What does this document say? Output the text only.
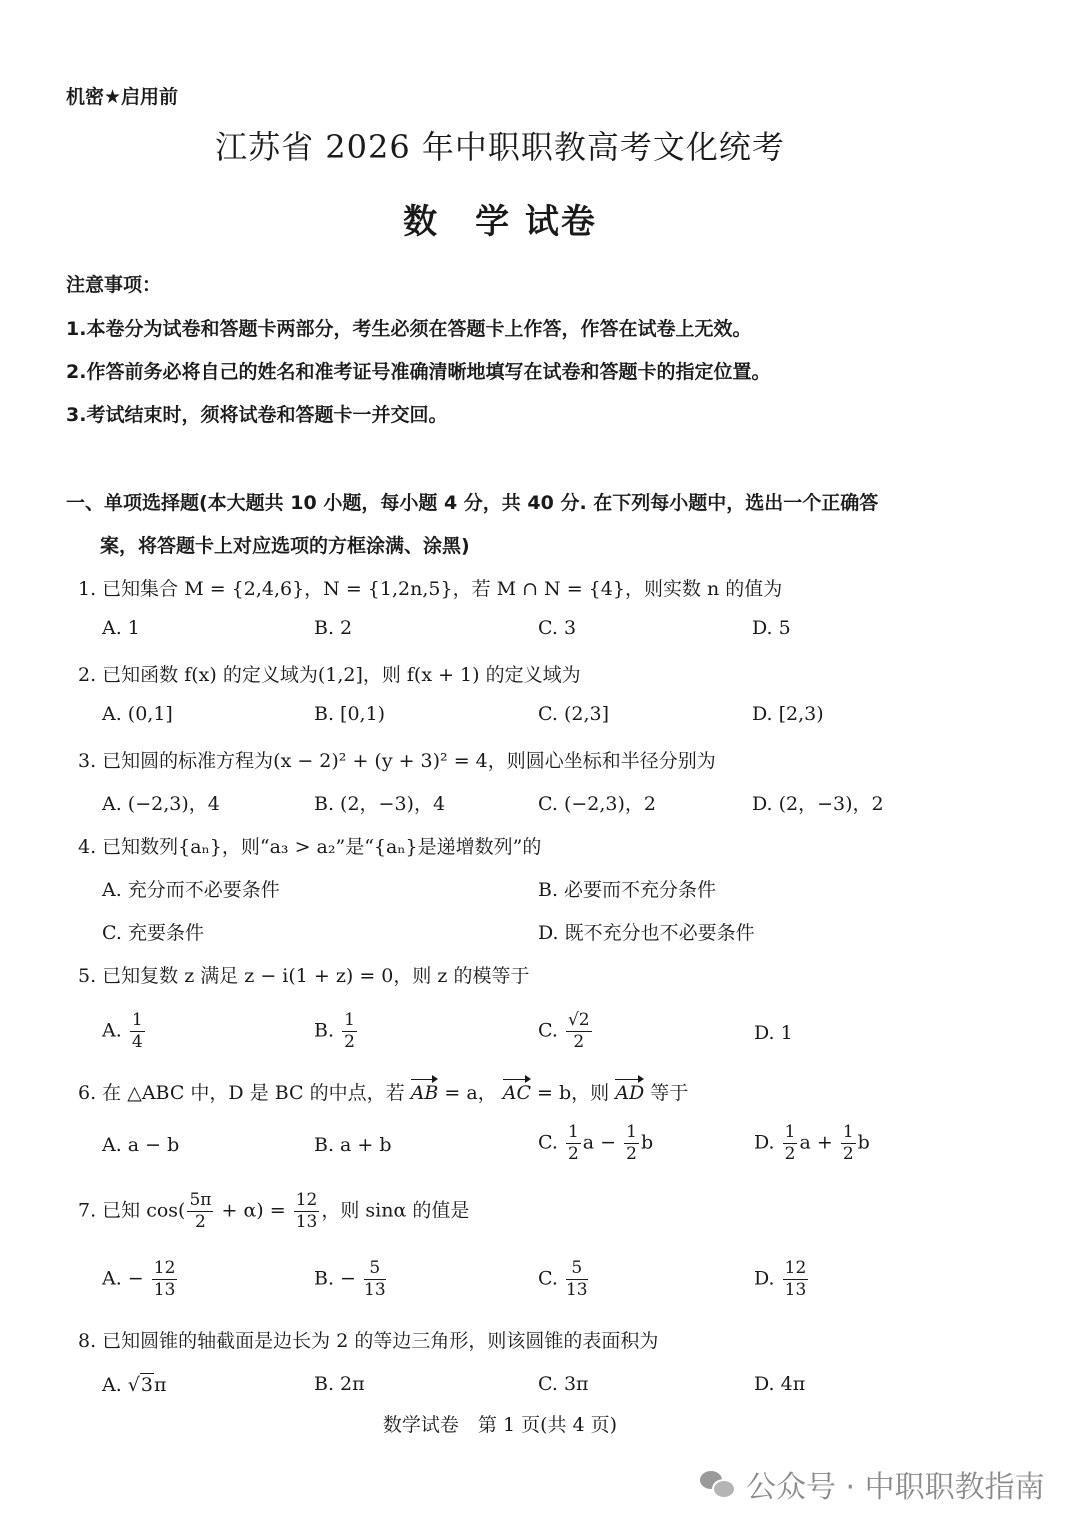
机密★启用前
江苏省 2026 年中职职教高考文化统考
数　学 试卷
注意事项：
1.本卷分为试卷和答题卡两部分，考生必须在答题卡上作答，作答在试卷上无效。
2.作答前务必将自己的姓名和准考证号准确清晰地填写在试卷和答题卡的指定位置。
3.考试结束时，须将试卷和答题卡一并交回。
一、单项选择题(本大题共 10 小题，每小题 4 分，共 40 分. 在下列每小题中，选出一个正确答
案，将答题卡上对应选项的方框涂满、涂黑)
1. 已知集合 M = {2,4,6}，N = {1,2n,5}，若 M ∩ N = {4}，则实数 n 的值为
A. 1	B. 2	C. 3	D. 5
2. 已知函数 f(x) 的定义域为(1,2]，则 f(x + 1) 的定义域为
A. (0,1]	B. [0,1)	C. (2,3]	D. [2,3)
3. 已知圆的标准方程为(x − 2)² + (y + 3)² = 4，则圆心坐标和半径分别为
A. (−2,3)，4	B. (2，−3)，4	C. (−2,3)，2	D. (2，−3)，2
4. 已知数列{aₙ}，则“a₃ > a₂”是“{aₙ}是递增数列”的
A. 充分而不必要条件	B. 必要而不充分条件
C. 充要条件	D. 既不充分也不必要条件
5. 已知复数 z 满足 z − i(1 + z) = 0，则 z 的模等于
A. $\frac{1}{4}$	B. $\frac{1}{2}$	C. $\frac{√2}{2}$	D. 1
6. 在 △ABC 中，D 是 BC 的中点，若 AB = a， AC = b，则 AD 等于
A. a − b	B. a + b	C. $\frac{1}{2}$ $a - \frac{1}{2}$ b	D. $\frac{1}{2}$ $a + \frac{1}{2}$ b
7. 已知 $\cos( \frac{5\pi}{2} + \alpha) = \frac{12}{13}$ ，则 sinα 的值是
A. − $\frac{12}{13}$	B. − $\frac{5}{13}$	C. $\frac{5}{13}$	D. $\frac{12}{13}$
8. 已知圆锥的轴截面是边长为 2 的等边三角形，则该圆锥的表面积为
A. √3π	B. 2π	C. 3π	D. 4π
数学试卷　第 1 页(共 4 页)
公众号 · 中职职教指南
